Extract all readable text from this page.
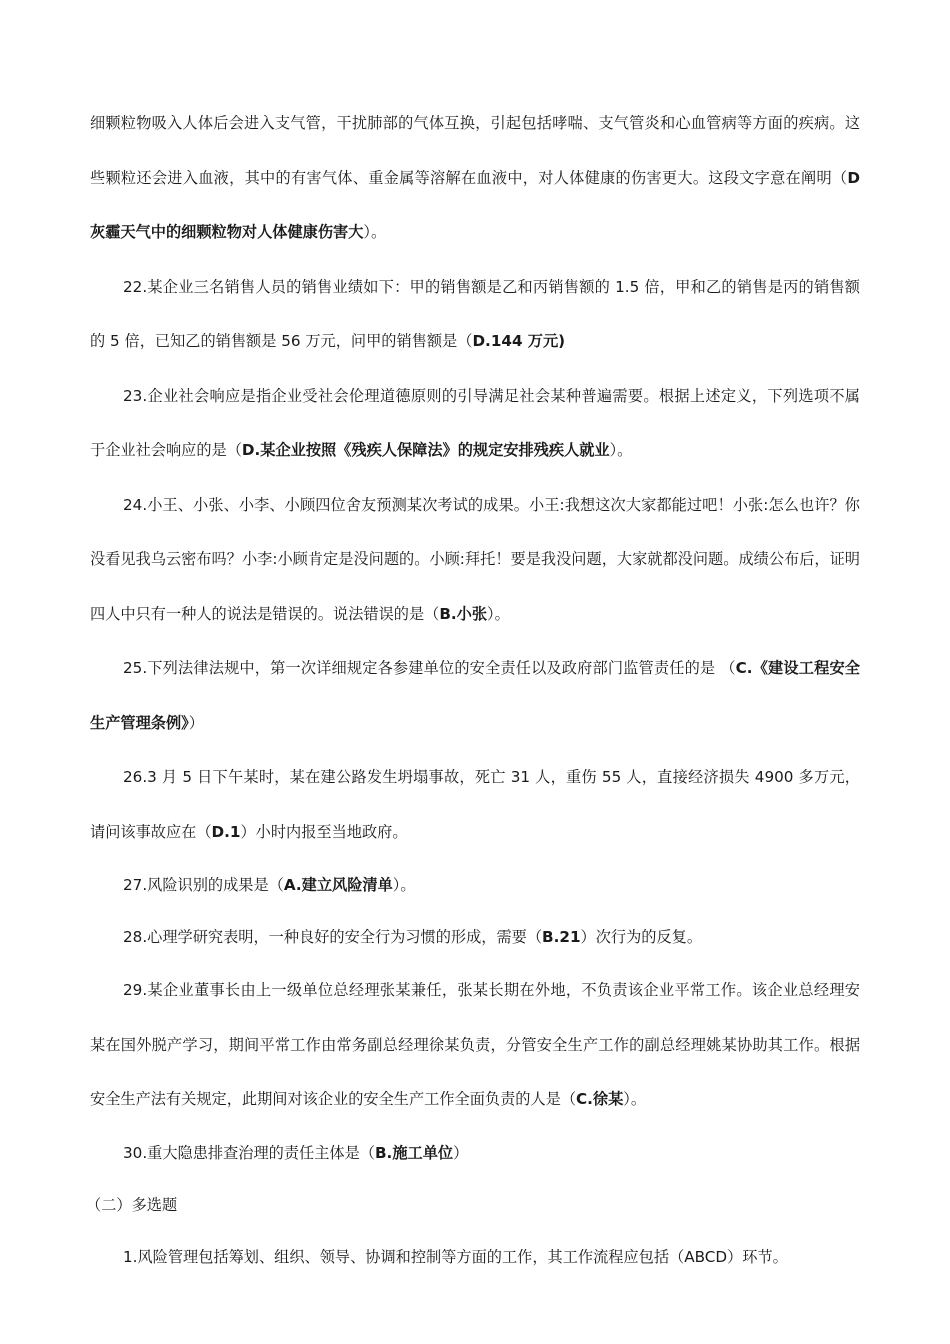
细颗粒物吸入人体后会进入支气管，干扰肺部的气体互换，引起包括哮喘、支气管炎和心血管病等方面的疾病。这些颗粒还会进入血液，其中的有害气体、重金属等溶解在血液中，对人体健康的伤害更大。这段文字意在阐明（D 灰霾天气中的细颗粒物对人体健康伤害大）。

22.某企业三名销售人员的销售业绩如下：甲的销售额是乙和丙销售额的 1.5 倍，甲和乙的销售是丙的销售额的 5 倍，已知乙的销售额是 56 万元，问甲的销售额是（D.144 万元)

23.企业社会响应是指企业受社会伦理道德原则的引导满足社会某种普遍需要。根据上述定义，下列选项不属于企业社会响应的是（D.某企业按照《残疾人保障法》的规定安排残疾人就业）。

24.小王、小张、小李、小顾四位舍友预测某次考试的成果。小王:我想这次大家都能过吧！小张:怎么也许？你没看见我乌云密布吗？小李:小顾肯定是没问题的。小顾:拜托！要是我没问题，大家就都没问题。成绩公布后，证明四人中只有一种人的说法是错误的。说法错误的是（B.小张）。

25.下列法律法规中，第一次详细规定各参建单位的安全责任以及政府部门监管责任的是 （C.《建设工程安全生产管理条例》）

26.3 月 5 日下午某时，某在建公路发生坍塌事故，死亡 31 人，重伤 55 人，直接经济损失 4900 多万元，请问该事故应在（D.1）小时内报至当地政府。

27.风险识别的成果是（A.建立风险清单）。

28.心理学研究表明，一种良好的安全行为习惯的形成，需要（B.21）次行为的反复。

29.某企业董事长由上一级单位总经理张某兼任，张某长期在外地，不负责该企业平常工作。该企业总经理安某在国外脱产学习，期间平常工作由常务副总经理徐某负责，分管安全生产工作的副总经理姚某协助其工作。根据安全生产法有关规定，此期间对该企业的安全生产工作全面负责的人是（C.徐某）。

30.重大隐患排查治理的责任主体是（B.施工单位）

（二）多选题

1.风险管理包括筹划、组织、领导、协调和控制等方面的工作，其工作流程应包括（ABCD）环节。
